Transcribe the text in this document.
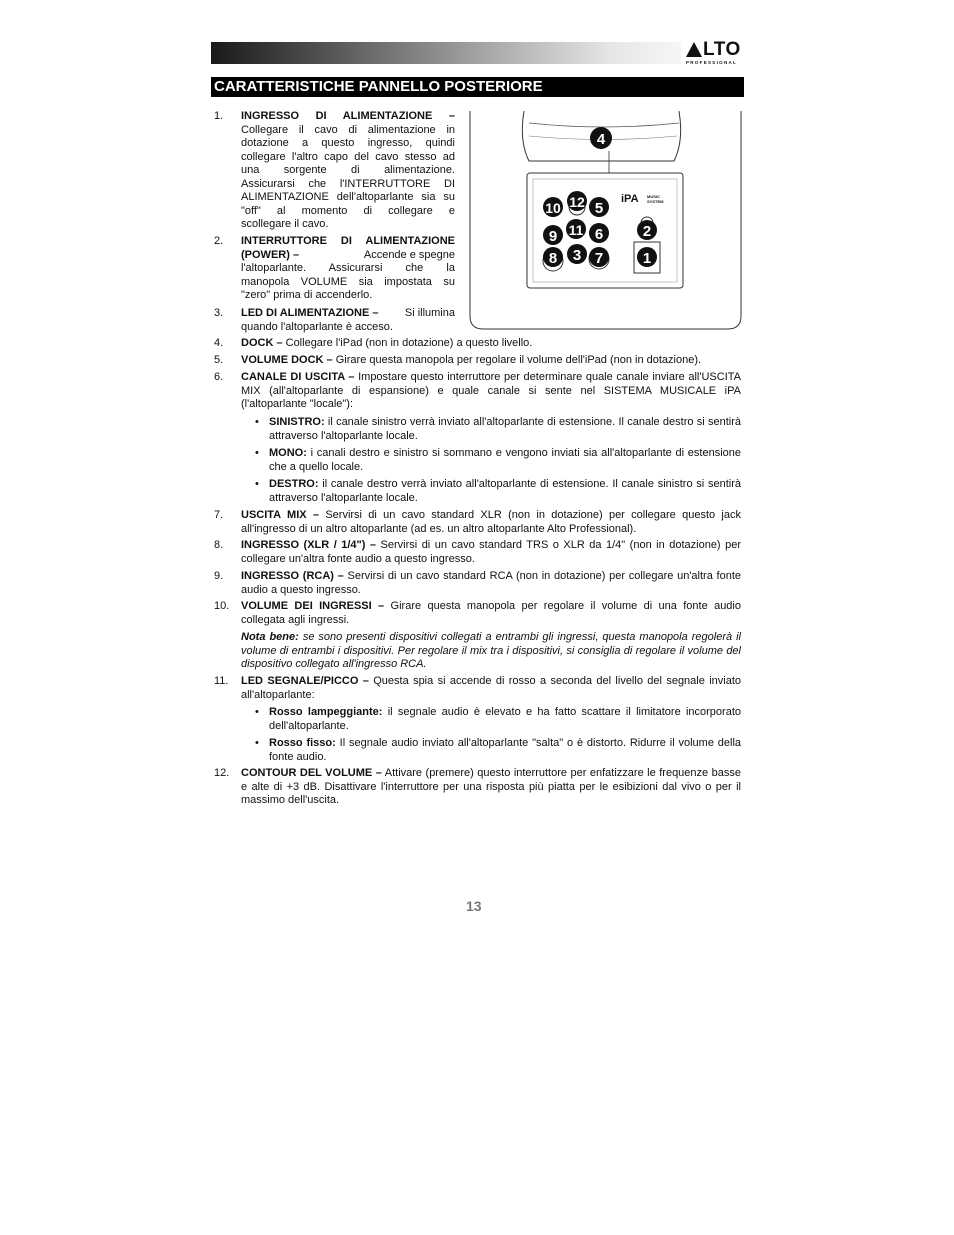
LTO
PROFESSIONAL
CARATTERISTICHE PANNELLO POSTERIORE
iPA MUSIC
SYSTEM
4
12
10 5
9 11 6	2
8 3 7	1
1.	INGRESSO DI ALIMENTAZIONE –
Collegare il cavo di alimentazione in
dotazione a questo ingresso, quindi
collegare l'altro capo del cavo stesso ad
una sorgente di alimentazione.
Assicurarsi che l'INTERRUTTORE DI
ALIMENTAZIONE dell'altoparlante sia su
"off" al momento di collegare e
scollegare il cavo.
2.	INTERRUTTORE DI ALIMENTAZIONE
(POWER) –	Accende e spegne
l'altoparlante. Assicurarsi che la
manopola VOLUME sia impostata su
"zero" prima di accenderlo.
3.	LED DI ALIMENTAZIONE – Si illumina
quando l'altoparlante è acceso.
4.	DOCK – Collegare l'iPad (non in dotazione) a questo livello.
5.	VOLUME DOCK – Girare questa manopola per regolare il volume dell'iPad (non in dotazione).
6.	CANALE DI USCITA – Impostare questo interruttore per determinare quale canale inviare all'USCITA MIX (all'altoparlante di espansione) e quale canale si sente nel SISTEMA MUSICALE iPA (l'altoparlante "locale"):
• SINISTRO: il canale sinistro verrà inviato all'altoparlante di estensione. Il canale destro si sentirà attraverso l'altoparlante locale.
• MONO: i canali destro e sinistro si sommano e vengono inviati sia all'altoparlante di estensione che a quello locale.
• DESTRO: il canale destro verrà inviato all'altoparlante di estensione. Il canale sinistro si sentirà attraverso l'altoparlante locale.
7.	USCITA MIX – Servirsi di un cavo standard XLR (non in dotazione) per collegare questo jack all'ingresso di un altro altoparlante (ad es. un altro altoparlante Alto Professional).
8.	INGRESSO (XLR / 1/4") – Servirsi di un cavo standard TRS o XLR da 1/4" (non in dotazione) per collegare un'altra fonte audio a questo ingresso.
9.	INGRESSO (RCA) – Servirsi di un cavo standard RCA (non in dotazione) per collegare un'altra fonte audio a questo ingresso.
10.	VOLUME DEI INGRESSI – Girare questa manopola per regolare il volume di una fonte audio collegata agli ingressi.
Nota bene: se sono presenti dispositivi collegati a entrambi gli ingressi, questa manopola regolerà il volume di entrambi i dispositivi. Per regolare il mix tra i dispositivi, si consiglia di regolare il volume del dispositivo collegato all'ingresso RCA.
11.	LED SEGNALE/PICCO – Questa spia si accende di rosso a seconda del livello del segnale inviato all'altoparlante:
• Rosso lampeggiante: il segnale audio è elevato e ha fatto scattare il limitatore incorporato dell'altoparlante.
• Rosso fisso: Il segnale audio inviato all'altoparlante "salta" o è distorto. Ridurre il volume della fonte audio.
12.	CONTOUR DEL VOLUME – Attivare (premere) questo interruttore per enfatizzare le frequenze basse e alte di +3 dB. Disattivare l'interruttore per una risposta più piatta per le esibizioni dal vivo o per il massimo dell'uscita.
13
